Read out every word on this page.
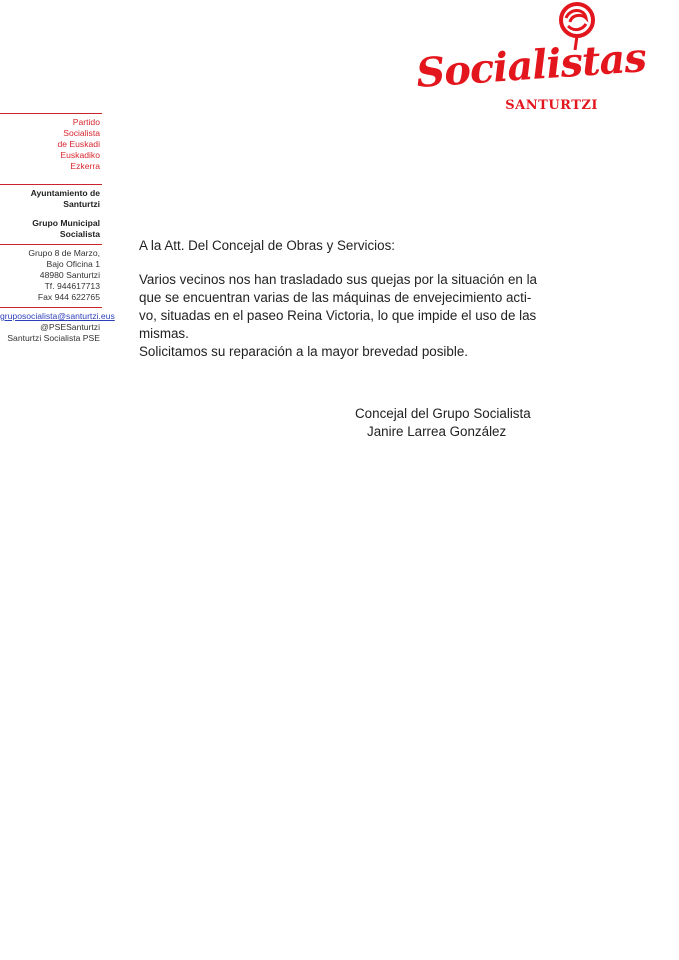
Socialistas
SANTURTZI
Partido
Socialista
de Euskadi
Euskadiko
Ezkerra
Ayuntamiento de
Santurtzi
Grupo Municipal
Socialista
Grupo 8 de Marzo,
Bajo Oficina 1
48980 Santurtzi
Tf. 944617713
Fax 944 622765
gruposocialista@santurtzi.eus
@PSESanturtzi
Santurtzi Socialista PSE

A la Att. Del Concejal de Obras y Servicios:

Varios vecinos nos han trasladado sus quejas por la situación en la
que se encuentran varias de las máquinas de envejecimiento acti-
vo, situadas en el paseo Reina Victoria, lo que impide el uso de las
mismas.

Solicitamos su reparación a la mayor brevedad posible.

Concejal del Grupo Socialista
Janire Larrea González
